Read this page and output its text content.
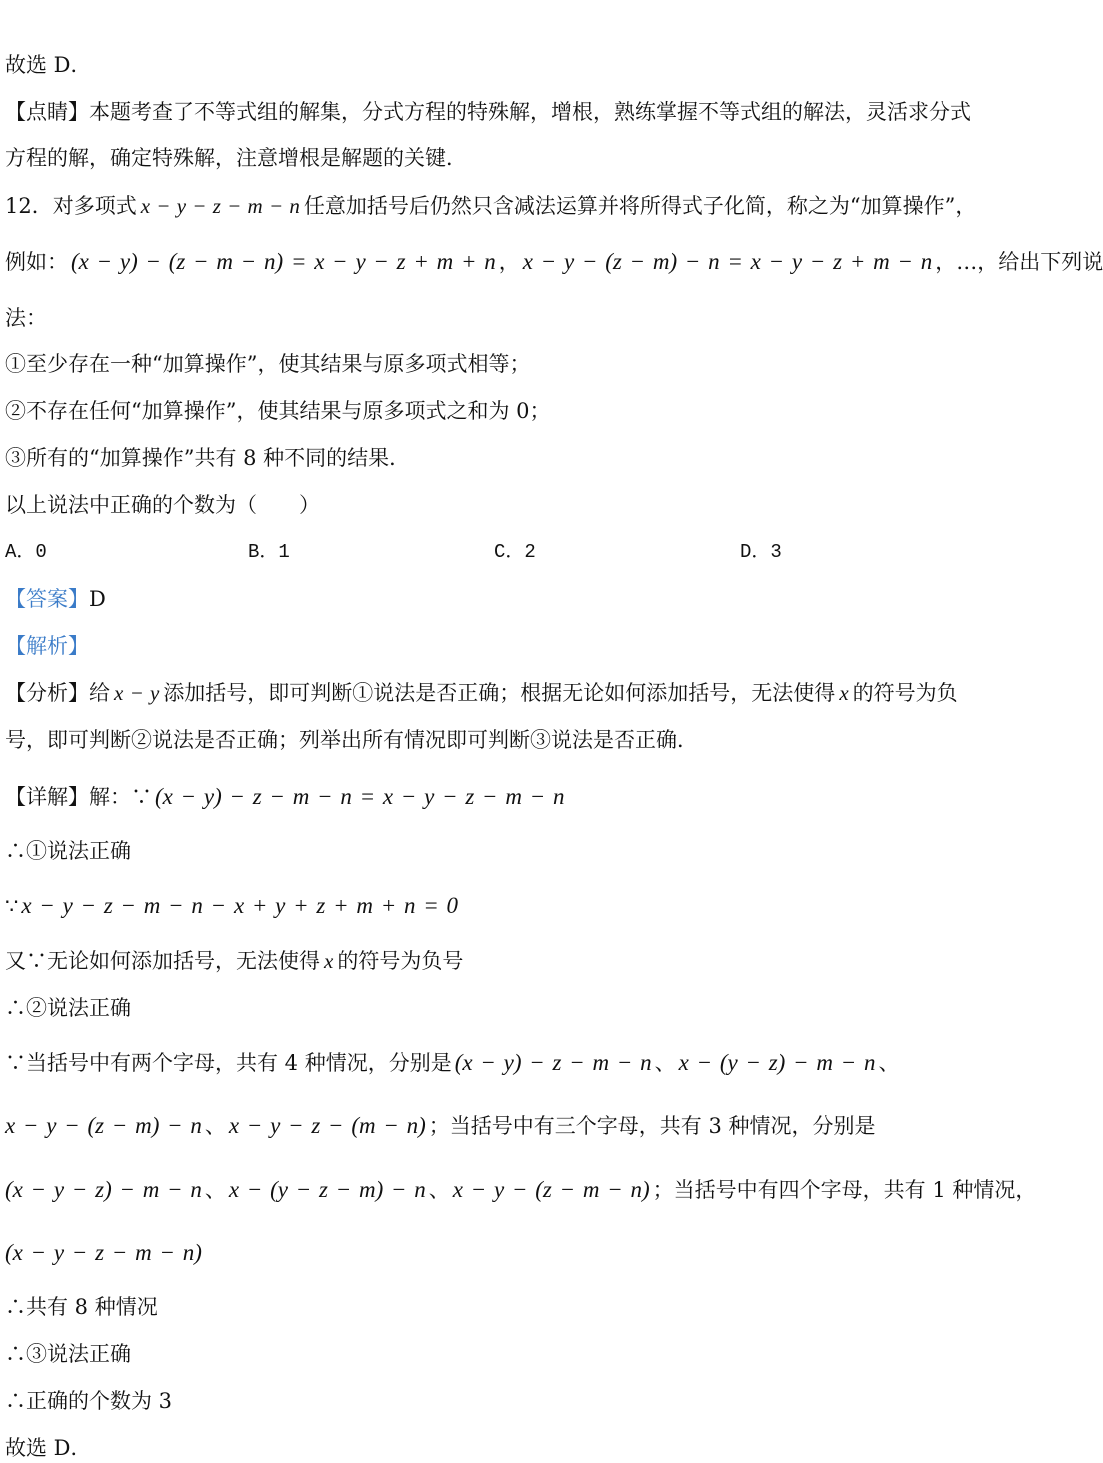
故选 D．
【点睛】本题考查了不等式组的解集，分式方程的特殊解，增根，熟练掌握不等式组的解法，灵活求分式
方程的解，确定特殊解，注意增根是解题的关键．
12．对多项式 x − y − z − m − n 任意加括号后仍然只含减法运算并将所得式子化简，称之为“加算操作”，
例如： (x − y) − (z − m − n) = x − y − z + m + n ， x − y − (z − m) − n = x − y − z + m − n ，…，给出下列说
法：
①至少存在一种“加算操作”，使其结果与原多项式相等；
②不存在任何“加算操作”，使其结果与原多项式之和为 0；
③所有的“加算操作”共有 8 种不同的结果．
以上说法中正确的个数为（　　）
A．0	B．1	C．2	D．3
【答案】D
【解析】
【分析】给 x − y 添加括号，即可判断①说法是否正确；根据无论如何添加括号，无法使得 x 的符号为负
号，即可判断②说法是否正确；列举出所有情况即可判断③说法是否正确．
【详解】解：∵ (x − y) − z − m − n = x − y − z − m − n
∴①说法正确
∵ x − y − z − m − n − x + y + z + m + n = 0
又∵无论如何添加括号，无法使得 x 的符号为负号
∴②说法正确
∵当括号中有两个字母，共有 4 种情况，分别是 (x − y) − z − m − n 、 x − (y − z) − m − n 、
x − y − (z − m) − n 、 x − y − z − (m − n) ；当括号中有三个字母，共有 3 种情况，分别是
(x − y − z) − m − n 、 x − (y − z − m) − n 、 x − y − (z − m − n) ；当括号中有四个字母，共有 1 种情况，
(x − y − z − m − n)
∴共有 8 种情况
∴③说法正确
∴正确的个数为 3
故选 D．
